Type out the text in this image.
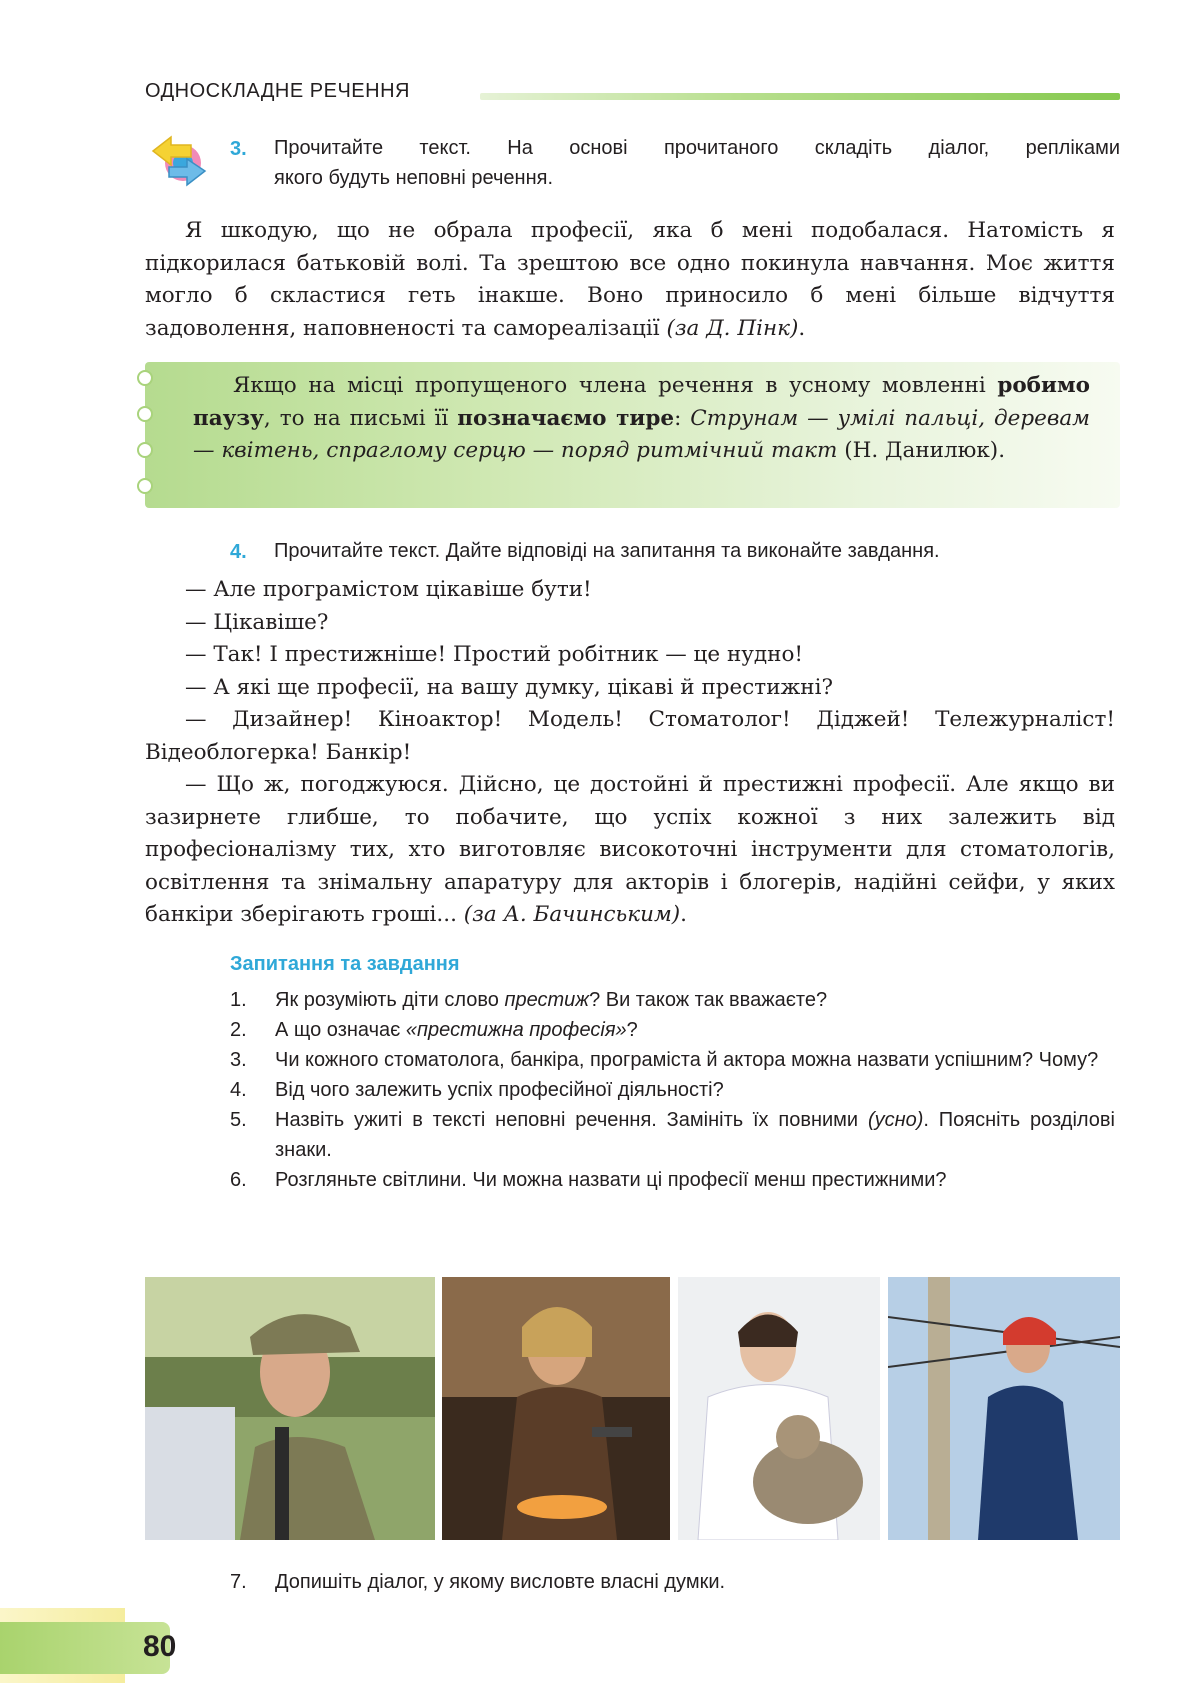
ОДНОСКЛАДНЕ РЕЧЕННЯ
3. Прочитайте текст. На основі прочитаного складіть діалог, репліками
якого будуть неповні речення.

Я шкодую, що не обрала професії, яка б мені подобалася. Натомість я підкорилася батьковій волі. Та зрештою все одно покинула навчання. Моє життя могло б скластися геть інакше. Воно приносило б мені більше відчуття задоволення, наповненості та самореалізації (за Д. Пінк).

Якщо на місці пропущеного члена речення в усному мовленні робимо паузу, то на письмі її позначаємо тире: Струнам — умілі пальці, деревам — квітень, спраглому серцю — поряд ритмічний такт (Н. Данилюк).
4. Прочитайте текст. Дайте відповіді на запитання та виконайте завдання.

— Але програмістом цікавіше бути!

— Цікавіше?

— Так! І престижніше! Простий робітник — це нудно!

— А які ще професії, на вашу думку, цікаві й престижні?

— Дизайнер! Кіноактор! Модель! Стоматолог! Діджей! Тележурналіст! Відеоблогерка! Банкір!

— Що ж, погоджуюся. Дійсно, це достойні й престижні професії. Але якщо ви зазирнете глибше, то побачите, що успіх кожної з них залежить від професіоналізму тих, хто виготовляє високоточні інструменти для стоматологів, освітлення та знімальну апаратуру для акторів і блогерів, надійні сейфи, у яких банкіри зберігають гроші... (за А. Бачинським).

Запитання та завдання
1. Як розуміють діти слово престиж? Ви також так вважаєте?
2. А що означає «престижна професія»?
3. Чи кожного стоматолога, банкіра, програміста й актора можна назвати успішним? Чому?
4. Від чого залежить успіх професійної діяльності?
5. Назвіть ужиті в тексті неповні речення. Замініть їх повними (усно). Поясніть розділові знаки.
6. Розгляньте світлини. Чи можна назвати ці професії менш престижними?
7. Допишіть діалог, у якому висловте власні думки.
80
